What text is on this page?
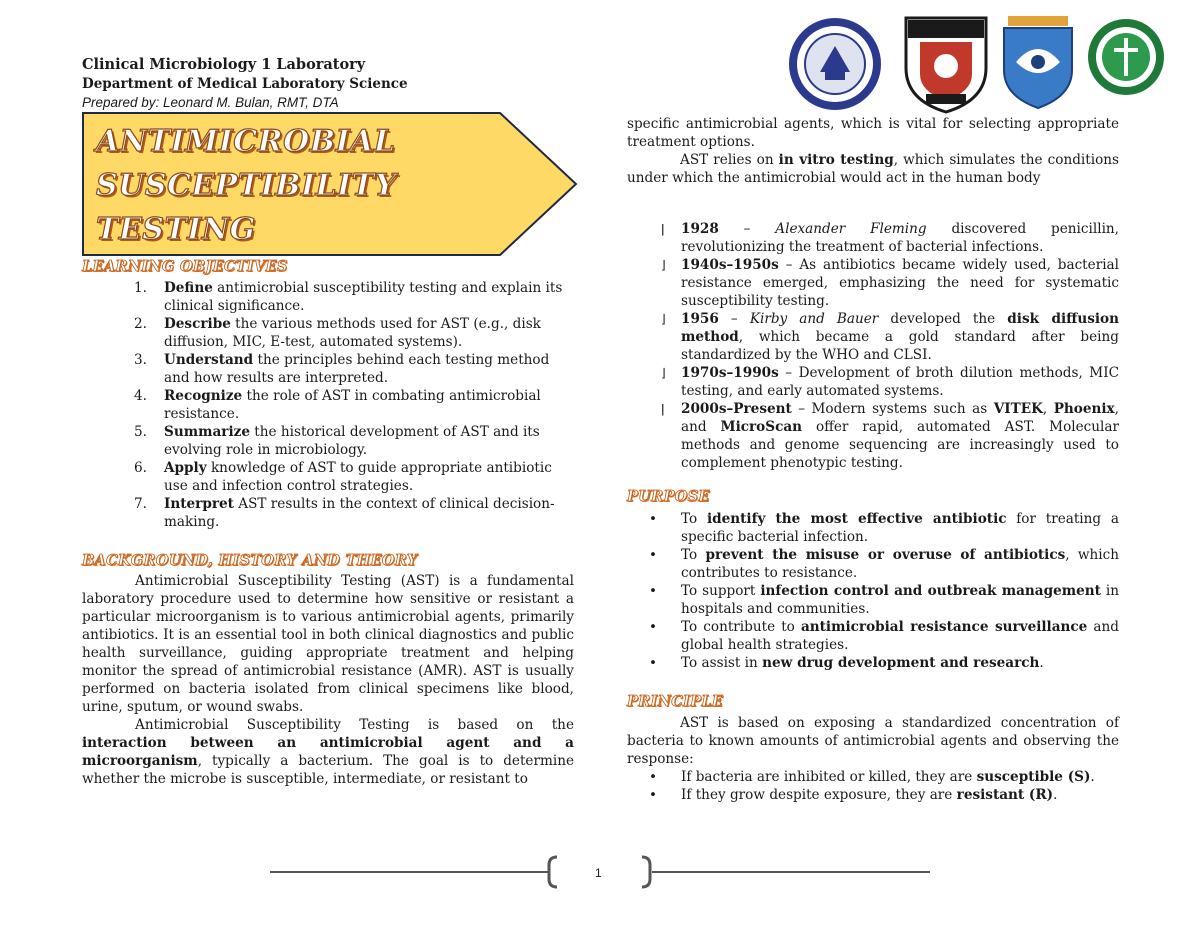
Clinical Microbiology 1 Laboratory
Department of Medical Laboratory Science
Prepared by: Leonard M. Bulan, RMT, DTA
ANTIMICROBIAL
SUSCEPTIBILITY
TESTING
LEARNING OBJECTIVES
1.	Define antimicrobial susceptibility testing and explain its clinical significance.
2.	Describe the various methods used for AST (e.g., disk diffusion, MIC, E-test, automated systems).
3.	Understand the principles behind each testing method and how results are interpreted.
4.	Recognize the role of AST in combating antimicrobial resistance.
5.	Summarize the historical development of AST and its evolving role in microbiology.
6.	Apply knowledge of AST to guide appropriate antibiotic use and infection control strategies.
7.	Interpret AST results in the context of clinical decision-making.
BACKGROUND, HISTORY AND THEORY
Antimicrobial Susceptibility Testing (AST) is a fundamental laboratory procedure used to determine how sensitive or resistant a particular microorganism is to various antimicrobial agents, primarily antibiotics. It is an essential tool in both clinical diagnostics and public health surveillance, guiding appropriate treatment and helping monitor the spread of antimicrobial resistance (AMR). AST is usually performed on bacteria isolated from clinical specimens like blood, urine, sputum, or wound swabs.
Antimicrobial Susceptibility Testing is based on the interaction between an antimicrobial agent and a microorganism, typically a bacterium. The goal is to determine whether the microbe is susceptible, intermediate, or resistant to
specific antimicrobial agents, which is vital for selecting appropriate treatment options.
AST relies on in vitro testing, which simulates the conditions under which the antimicrobial would act in the human body
ǀ 1928 – Alexander Fleming discovered penicillin, revolutionizing the treatment of bacterial infections.
⌋ 1940s–1950s – As antibiotics became widely used, bacterial resistance emerged, emphasizing the need for systematic susceptibility testing.
⌋ 1956 – Kirby and Bauer developed the disk diffusion method, which became a gold standard after being standardized by the WHO and CLSI.
⌋ 1970s–1990s – Development of broth dilution methods, MIC testing, and early automated systems.
ǀ 2000s–Present – Modern systems such as VITEK, Phoenix, and MicroScan offer rapid, automated AST. Molecular methods and genome sequencing are increasingly used to complement phenotypic testing.
PURPOSE
• To identify the most effective antibiotic for treating a specific bacterial infection.
• To prevent the misuse or overuse of antibiotics, which contributes to resistance.
• To support infection control and outbreak management in hospitals and communities.
• To contribute to antimicrobial resistance surveillance and global health strategies.
• To assist in new drug development and research.
PRINCIPLE
AST is based on exposing a standardized concentration of bacteria to known amounts of antimicrobial agents and observing the response:
• If bacteria are inhibited or killed, they are susceptible (S).
• If they grow despite exposure, they are resistant (R).
1
